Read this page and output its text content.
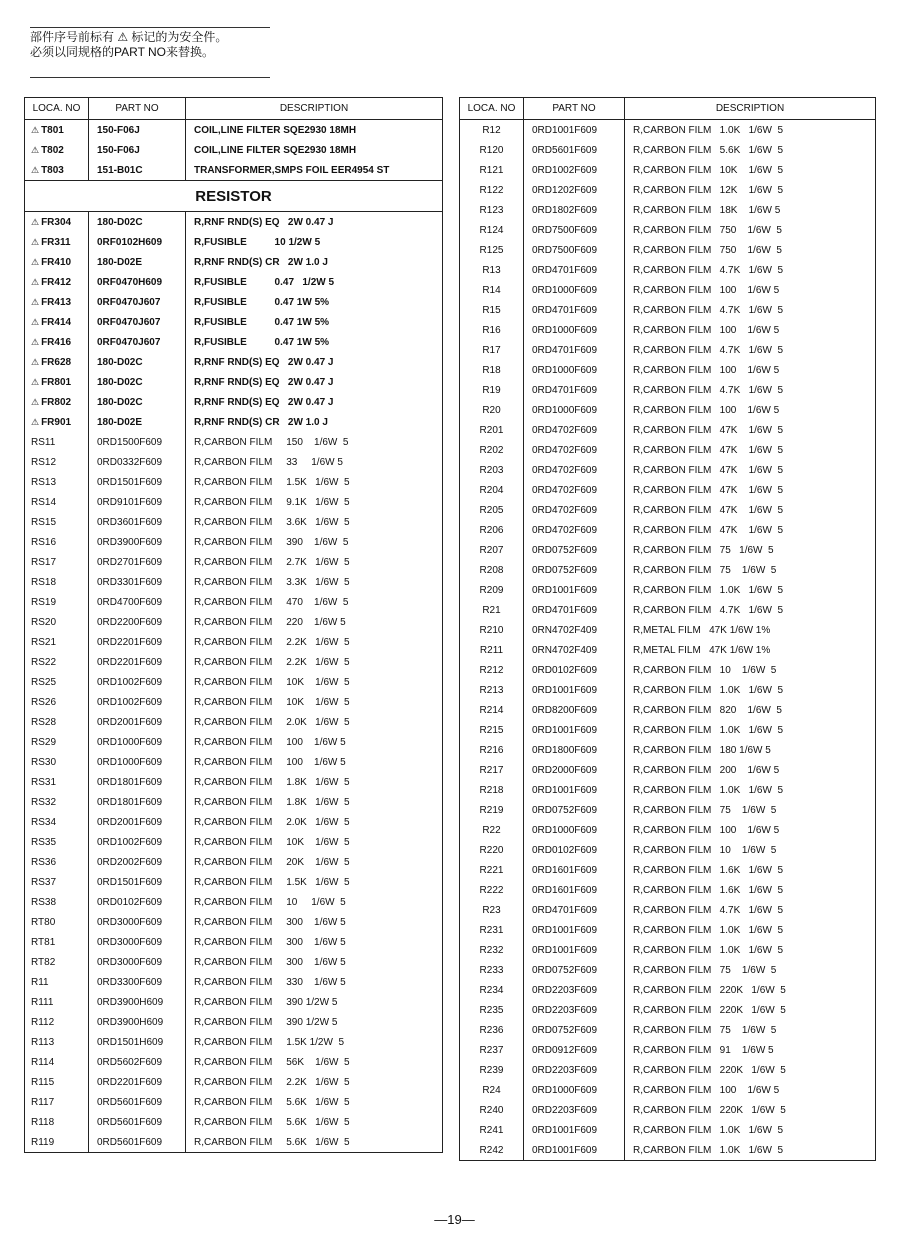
部件序号前标有 ⚠ 标记的为安全件。
必须以同规格的PART NO来替换。
LOCA. NO	PART NO	DESCRIPTION
⚠ T801	150-F06J	COIL,LINE FILTER SQE2930 18MH
⚠ T802	150-F06J	COIL,LINE FILTER SQE2930 18MH
⚠ T803	151-B01C	TRANSFORMER,SMPS FOIL EER4954 ST
RESISTOR		
⚠ FR304	180-D02C	R,RNF RND(S) EQ   2W 0.47 J
⚠ FR311	0RF0102H609	R,FUSIBLE          10 1/2W 5
⚠ FR410	180-D02E	R,RNF RND(S) CR   2W 1.0 J
⚠ FR412	0RF0470H609	R,FUSIBLE          0.47   1/2W 5
⚠ FR413	0RF0470J607	R,FUSIBLE          0.47 1W 5%
⚠ FR414	0RF0470J607	R,FUSIBLE          0.47 1W 5%
⚠ FR416	0RF0470J607	R,FUSIBLE          0.47 1W 5%
⚠ FR628	180-D02C	R,RNF RND(S) EQ   2W 0.47 J
⚠ FR801	180-D02C	R,RNF RND(S) EQ   2W 0.47 J
⚠ FR802	180-D02C	R,RNF RND(S) EQ   2W 0.47 J
⚠ FR901	180-D02E	R,RNF RND(S) CR   2W 1.0 J
RS11	0RD1500F609	R,CARBON FILM     150    1/6W  5
RS12	0RD0332F609	R,CARBON FILM     33     1/6W 5
RS13	0RD1501F609	R,CARBON FILM     1.5K   1/6W  5
RS14	0RD9101F609	R,CARBON FILM     9.1K   1/6W  5
RS15	0RD3601F609	R,CARBON FILM     3.6K   1/6W  5
RS16	0RD3900F609	R,CARBON FILM     390    1/6W  5
RS17	0RD2701F609	R,CARBON FILM     2.7K   1/6W  5
RS18	0RD3301F609	R,CARBON FILM     3.3K   1/6W  5
RS19	0RD4700F609	R,CARBON FILM     470    1/6W  5
RS20	0RD2200F609	R,CARBON FILM     220    1/6W 5
RS21	0RD2201F609	R,CARBON FILM     2.2K   1/6W  5
RS22	0RD2201F609	R,CARBON FILM     2.2K   1/6W  5
RS25	0RD1002F609	R,CARBON FILM     10K    1/6W  5
RS26	0RD1002F609	R,CARBON FILM     10K    1/6W  5
RS28	0RD2001F609	R,CARBON FILM     2.0K   1/6W  5
RS29	0RD1000F609	R,CARBON FILM     100    1/6W 5
RS30	0RD1000F609	R,CARBON FILM     100    1/6W 5
RS31	0RD1801F609	R,CARBON FILM     1.8K   1/6W  5
RS32	0RD1801F609	R,CARBON FILM     1.8K   1/6W  5
RS34	0RD2001F609	R,CARBON FILM     2.0K   1/6W  5
RS35	0RD1002F609	R,CARBON FILM     10K    1/6W  5
RS36	0RD2002F609	R,CARBON FILM     20K    1/6W  5
RS37	0RD1501F609	R,CARBON FILM     1.5K   1/6W  5
RS38	0RD0102F609	R,CARBON FILM     10     1/6W  5
RT80	0RD3000F609	R,CARBON FILM     300    1/6W 5
RT81	0RD3000F609	R,CARBON FILM     300    1/6W 5
RT82	0RD3000F609	R,CARBON FILM     300    1/6W 5
R11	0RD3300F609	R,CARBON FILM     330    1/6W 5
R111	0RD3900H609	R,CARBON FILM     390 1/2W 5
R112	0RD3900H609	R,CARBON FILM     390 1/2W 5
R113	0RD1501H609	R,CARBON FILM     1.5K 1/2W  5
R114	0RD5602F609	R,CARBON FILM     56K    1/6W  5
R115	0RD2201F609	R,CARBON FILM     2.2K   1/6W  5
R117	0RD5601F609	R,CARBON FILM     5.6K   1/6W  5
R118	0RD5601F609	R,CARBON FILM     5.6K   1/6W  5
R119	0RD5601F609	R,CARBON FILM     5.6K   1/6W  5
LOCA. NO	PART NO	DESCRIPTION
R12	0RD1001F609	R,CARBON FILM   1.0K   1/6W  5
R120	0RD5601F609	R,CARBON FILM   5.6K   1/6W  5
R121	0RD1002F609	R,CARBON FILM   10K    1/6W  5
R122	0RD1202F609	R,CARBON FILM   12K    1/6W  5
R123	0RD1802F609	R,CARBON FILM   18K    1/6W 5
R124	0RD7500F609	R,CARBON FILM   750    1/6W  5
R125	0RD7500F609	R,CARBON FILM   750    1/6W  5
R13	0RD4701F609	R,CARBON FILM   4.7K   1/6W  5
R14	0RD1000F609	R,CARBON FILM   100    1/6W 5
R15	0RD4701F609	R,CARBON FILM   4.7K   1/6W  5
R16	0RD1000F609	R,CARBON FILM   100    1/6W 5
R17	0RD4701F609	R,CARBON FILM   4.7K   1/6W  5
R18	0RD1000F609	R,CARBON FILM   100    1/6W 5
R19	0RD4701F609	R,CARBON FILM   4.7K   1/6W  5
R20	0RD1000F609	R,CARBON FILM   100    1/6W 5
R201	0RD4702F609	R,CARBON FILM   47K    1/6W  5
R202	0RD4702F609	R,CARBON FILM   47K    1/6W  5
R203	0RD4702F609	R,CARBON FILM   47K    1/6W  5
R204	0RD4702F609	R,CARBON FILM   47K    1/6W  5
R205	0RD4702F609	R,CARBON FILM   47K    1/6W  5
R206	0RD4702F609	R,CARBON FILM   47K    1/6W  5
R207	0RD0752F609	R,CARBON FILM   75   1/6W  5
R208	0RD0752F609	R,CARBON FILM   75    1/6W  5
R209	0RD1001F609	R,CARBON FILM   1.0K   1/6W  5
R21	0RD4701F609	R,CARBON FILM   4.7K   1/6W  5
R210	0RN4702F409	R,METAL FILM   47K 1/6W 1%
R211	0RN4702F409	R,METAL FILM   47K 1/6W 1%
R212	0RD0102F609	R,CARBON FILM   10    1/6W  5
R213	0RD1001F609	R,CARBON FILM   1.0K   1/6W  5
R214	0RD8200F609	R,CARBON FILM   820    1/6W  5
R215	0RD1001F609	R,CARBON FILM   1.0K   1/6W  5
R216	0RD1800F609	R,CARBON FILM   180 1/6W 5
R217	0RD2000F609	R,CARBON FILM   200    1/6W 5
R218	0RD1001F609	R,CARBON FILM   1.0K   1/6W  5
R219	0RD0752F609	R,CARBON FILM   75    1/6W  5
R22	0RD1000F609	R,CARBON FILM   100    1/6W 5
R220	0RD0102F609	R,CARBON FILM   10    1/6W  5
R221	0RD1601F609	R,CARBON FILM   1.6K   1/6W  5
R222	0RD1601F609	R,CARBON FILM   1.6K   1/6W  5
R23	0RD4701F609	R,CARBON FILM   4.7K   1/6W  5
R231	0RD1001F609	R,CARBON FILM   1.0K   1/6W  5
R232	0RD1001F609	R,CARBON FILM   1.0K   1/6W  5
R233	0RD0752F609	R,CARBON FILM   75    1/6W  5
R234	0RD2203F609	R,CARBON FILM   220K   1/6W  5
R235	0RD2203F609	R,CARBON FILM   220K   1/6W  5
R236	0RD0752F609	R,CARBON FILM   75    1/6W  5
R237	0RD0912F609	R,CARBON FILM   91    1/6W 5
R239	0RD2203F609	R,CARBON FILM   220K   1/6W  5
R24	0RD1000F609	R,CARBON FILM   100    1/6W 5
R240	0RD2203F609	R,CARBON FILM   220K   1/6W  5
R241	0RD1001F609	R,CARBON FILM   1.0K   1/6W  5
R242	0RD1001F609	R,CARBON FILM   1.0K   1/6W  5
—19—
